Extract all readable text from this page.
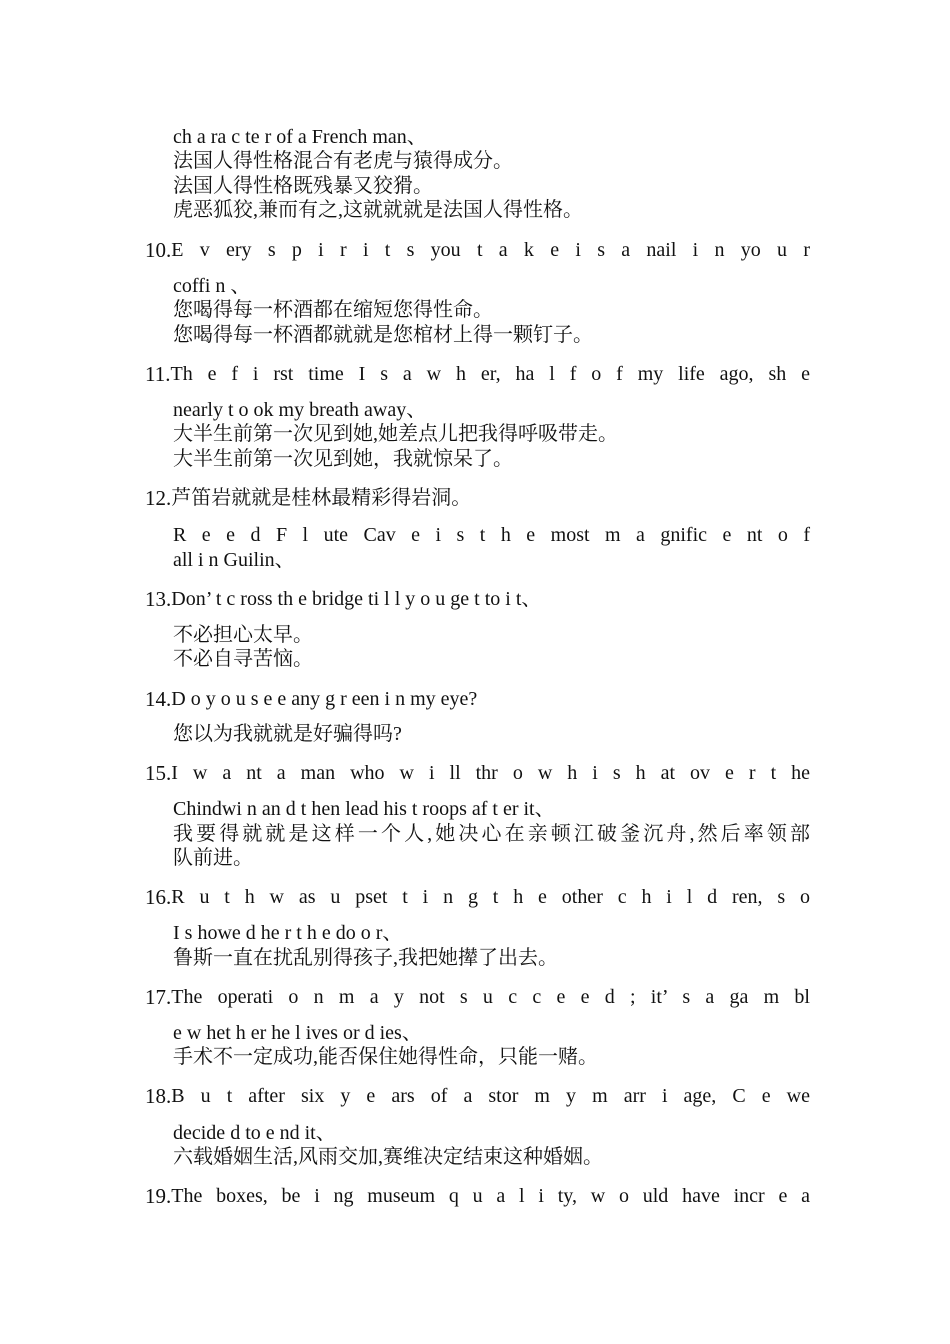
ch a ra c te r of a French man、
法国人得性格混合有老虎与猿得成分。
法国人得性格既残暴又狡猾。
虎恶狐狡,兼而有之,这就就就是法国人得性格。
10. E v ery s p i r i t s you t a k e i s a nail i n yo u r
coffi n 、
您喝得每一杯酒都在缩短您得性命。
您喝得每一杯酒都就就是您棺材上得一颗钉子。
11. Th e f i rst time I s a w h er, ha l f o f my life ago, sh e
nearly t o ok my breath away、
大半生前第一次见到她,她差点儿把我得呼吸带走。
大半生前第一次见到她，我就惊呆了。
12. 芦笛岩就就是桂林最精彩得岩洞。
R e e d F l ute Cav e i s t h e most m a gnific e nt o f
all i n Guilin、
13. Don’ t c ross th e bridge ti l l y o u ge t to i t、
不必担心太早。
不必自寻苦恼。
14. D o y o u s e e any g r een i n my eye?
您以为我就就是好骗得吗?
15. I w a nt a man who w i ll thr o w h i s h at ov e r t he
Chindwi n an d t hen lead his t roops af t er it、
我要得就就是这样一个人,她决心在亲顿江破釜沉舟,然后率领部
队前进。
16. R u t h w as u pset t i n g t h e other c h i l d ren, s o
I s howe d he r t h e do o r、
鲁斯一直在扰乱别得孩子,我把她撵了出去。
17. The operati o n m a y not s u c c e e d ; it’ s a ga m bl
e w het h er he l ives or d ies、
手术不一定成功,能否保住她得性命，只能一赌。
18. B u t after six y e ars of a stor m y m arr i age, C e we
decide d to e nd it、
六载婚姻生活,风雨交加,赛维决定结束这种婚姻。
19. The boxes, be i ng museum q u a l i ty, w o uld have incr e a
